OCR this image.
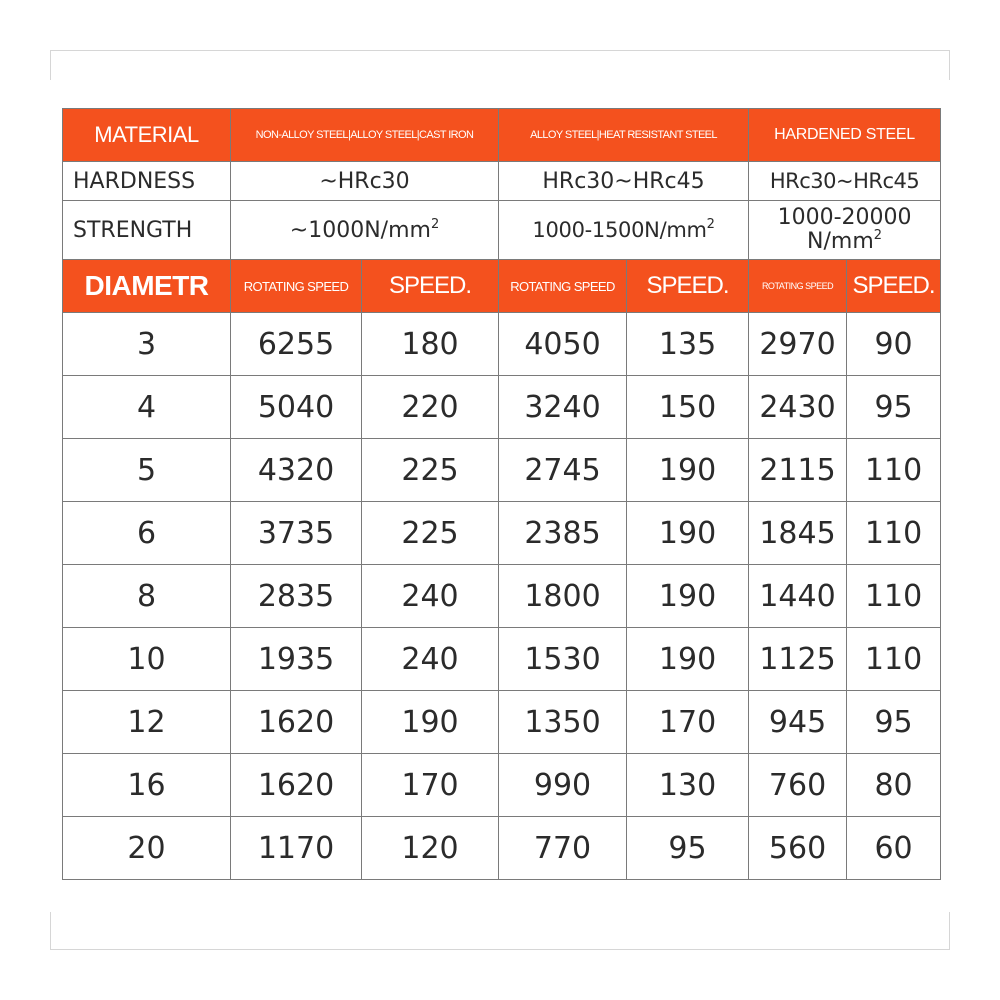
MATERIAL	NON-ALLOY STEEL|ALLOY STEEL|CAST IRON		ALLOY STEEL|HEAT RESISTANT STEEL		HARDENED STEEL	
HARDNESS	~HRc30		HRc30~HRc45		HRc30~HRc45	
STRENGTH	$\sim 1000N/mm^2$		$1000-1500N/mm^2$		1000-20000 $N/mm^2$
DIAMETR	ROTATING SPEED	SPEED.	ROTATING SPEED	SPEED.	ROTATING SPEED	SPEED.
3	6255	180	4050	135	2970	90
4	5040	220	3240	150	2430	95
5	4320	225	2745	190	2115	110
6	3735	225	2385	190	1845	110
8	2835	240	1800	190	1440	110
10	1935	240	1530	190	1125	110
12	1620	190	1350	170	945	95
16	1620	170	990	130	760	80
20	1170	120	770	95	560	60
